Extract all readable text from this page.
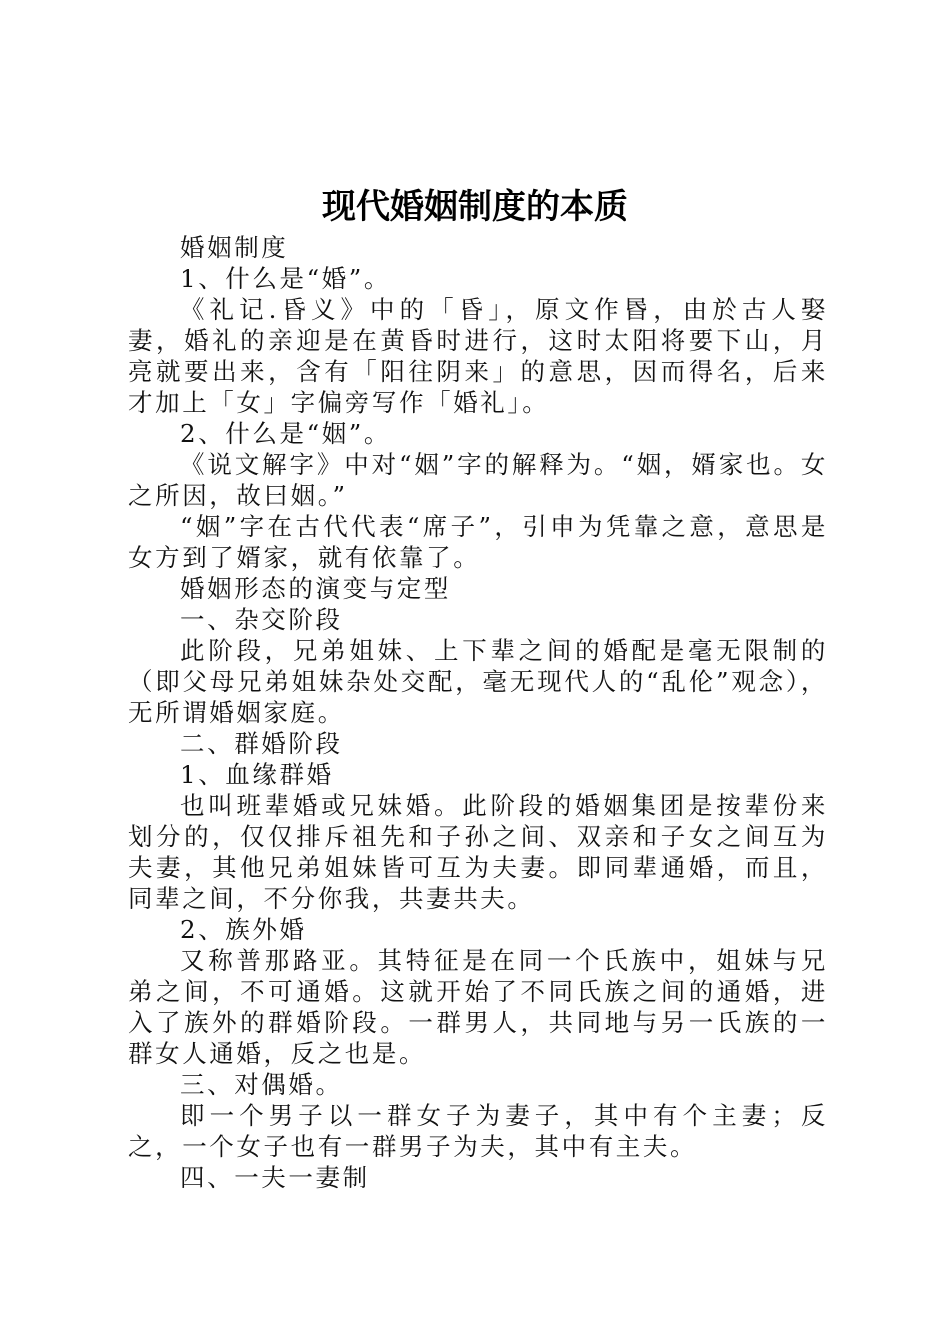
现代婚姻制度的本质

婚姻制度

1、什么是“婚”。

《礼记.昏义》中的「昏」，原文作昬，由於古人娶妻，婚礼的亲迎是在黄昏时进行，这时太阳将要下山，月亮就要出来，含有「阳往阴来」的意思，因而得名，后来才加上「女」字偏旁写作「婚礼」。

2、什么是“姻”。

《说文解字》中对“姻”字的解释为。“姻，婿家也。女之所因，故曰姻。”

“姻”字在古代代表“席子”，引申为凭靠之意，意思是女方到了婿家，就有依靠了。

婚姻形态的演变与定型

一、杂交阶段

此阶段，兄弟姐妹、上下辈之间的婚配是毫无限制的（即父母兄弟姐妹杂处交配，毫无现代人的“乱伦”观念），无所谓婚姻家庭。

二、群婚阶段

1、血缘群婚

也叫班辈婚或兄妹婚。此阶段的婚姻集团是按辈份来划分的，仅仅排斥祖先和子孙之间、双亲和子女之间互为夫妻，其他兄弟姐妹皆可互为夫妻。即同辈通婚，而且，同辈之间，不分你我，共妻共夫。

2、族外婚

又称普那路亚。其特征是在同一个氏族中，姐妹与兄弟之间，不可通婚。这就开始了不同氏族之间的通婚，进入了族外的群婚阶段。一群男人，共同地与另一氏族的一群女人通婚，反之也是。

三、对偶婚。

即一个男子以一群女子为妻子，其中有个主妻；反之，一个女子也有一群男子为夫，其中有主夫。

四、一夫一妻制
